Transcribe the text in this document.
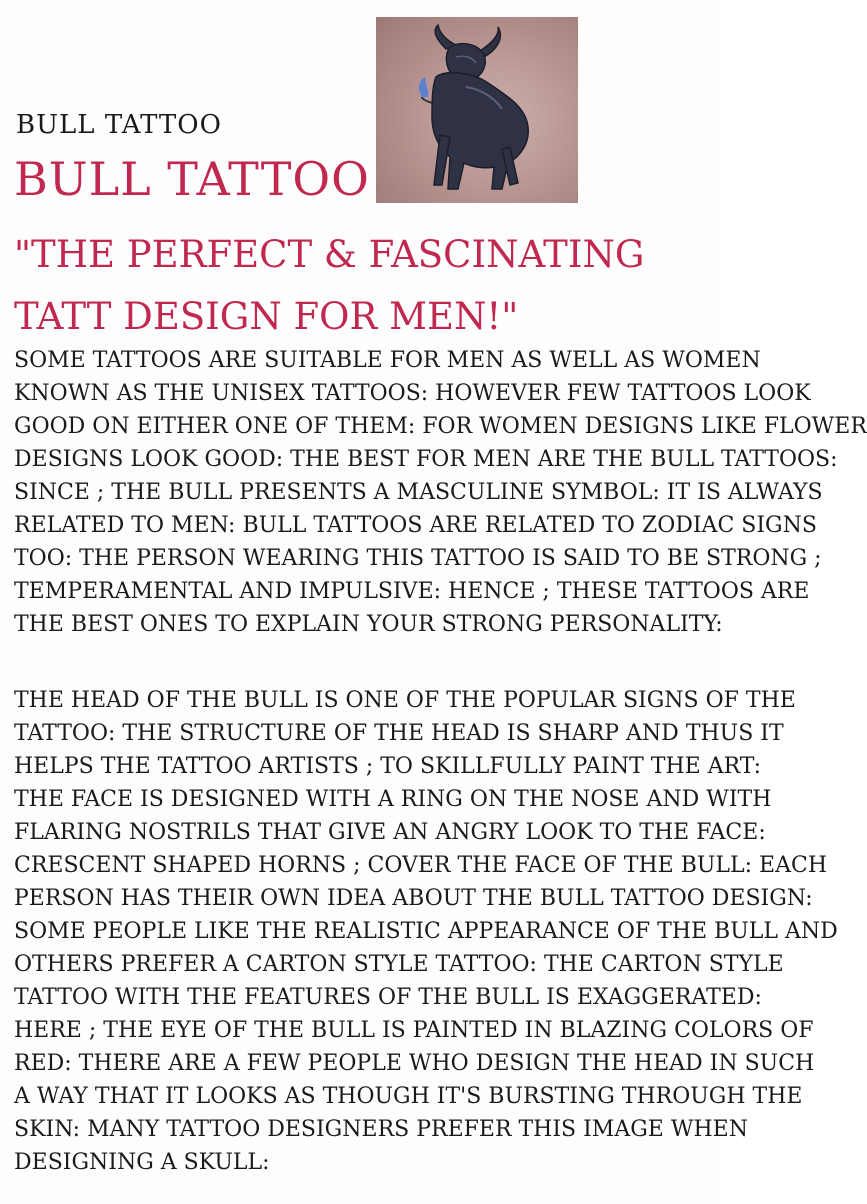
BULL TATTOO
BULL TATTOO
"THE PERFECT & FASCINATING TATT DESIGN FOR MEN!"
SOME TATTOOS ARE SUITABLE FOR MEN AS WELL AS WOMEN
KNOWN AS THE UNISEX TATTOOS: HOWEVER FEW TATTOOS LOOK
GOOD ON EITHER ONE OF THEM: FOR WOMEN DESIGNS LIKE FLOWER
DESIGNS LOOK GOOD: THE BEST FOR MEN ARE THE BULL TATTOOS:
SINCE ; THE BULL PRESENTS A MASCULINE SYMBOL: IT IS ALWAYS
RELATED TO MEN: BULL TATTOOS ARE RELATED TO ZODIAC SIGNS
TOO: THE PERSON WEARING THIS TATTOO IS SAID TO BE STRONG ;
TEMPERAMENTAL AND IMPULSIVE: HENCE ; THESE TATTOOS ARE
THE BEST ONES TO EXPLAIN YOUR STRONG PERSONALITY:
THE HEAD OF THE BULL IS ONE OF THE POPULAR SIGNS OF THE
TATTOO: THE STRUCTURE OF THE HEAD IS SHARP AND THUS IT
HELPS THE TATTOO ARTISTS ; TO SKILLFULLY PAINT THE ART:
THE FACE IS DESIGNED WITH A RING ON THE NOSE AND WITH
FLARING NOSTRILS THAT GIVE AN ANGRY LOOK TO THE FACE:
CRESCENT SHAPED HORNS ; COVER THE FACE OF THE BULL: EACH
PERSON HAS THEIR OWN IDEA ABOUT THE BULL TATTOO DESIGN:
SOME PEOPLE LIKE THE REALISTIC APPEARANCE OF THE BULL AND
OTHERS PREFER A CARTON STYLE TATTOO: THE CARTON STYLE
TATTOO WITH THE FEATURES OF THE BULL IS EXAGGERATED:
HERE ; THE EYE OF THE BULL IS PAINTED IN BLAZING COLORS OF
RED: THERE ARE A FEW PEOPLE WHO DESIGN THE HEAD IN SUCH
A WAY THAT IT LOOKS AS THOUGH IT'S BURSTING THROUGH THE
SKIN: MANY TATTOO DESIGNERS PREFER THIS IMAGE WHEN
DESIGNING A SKULL:
